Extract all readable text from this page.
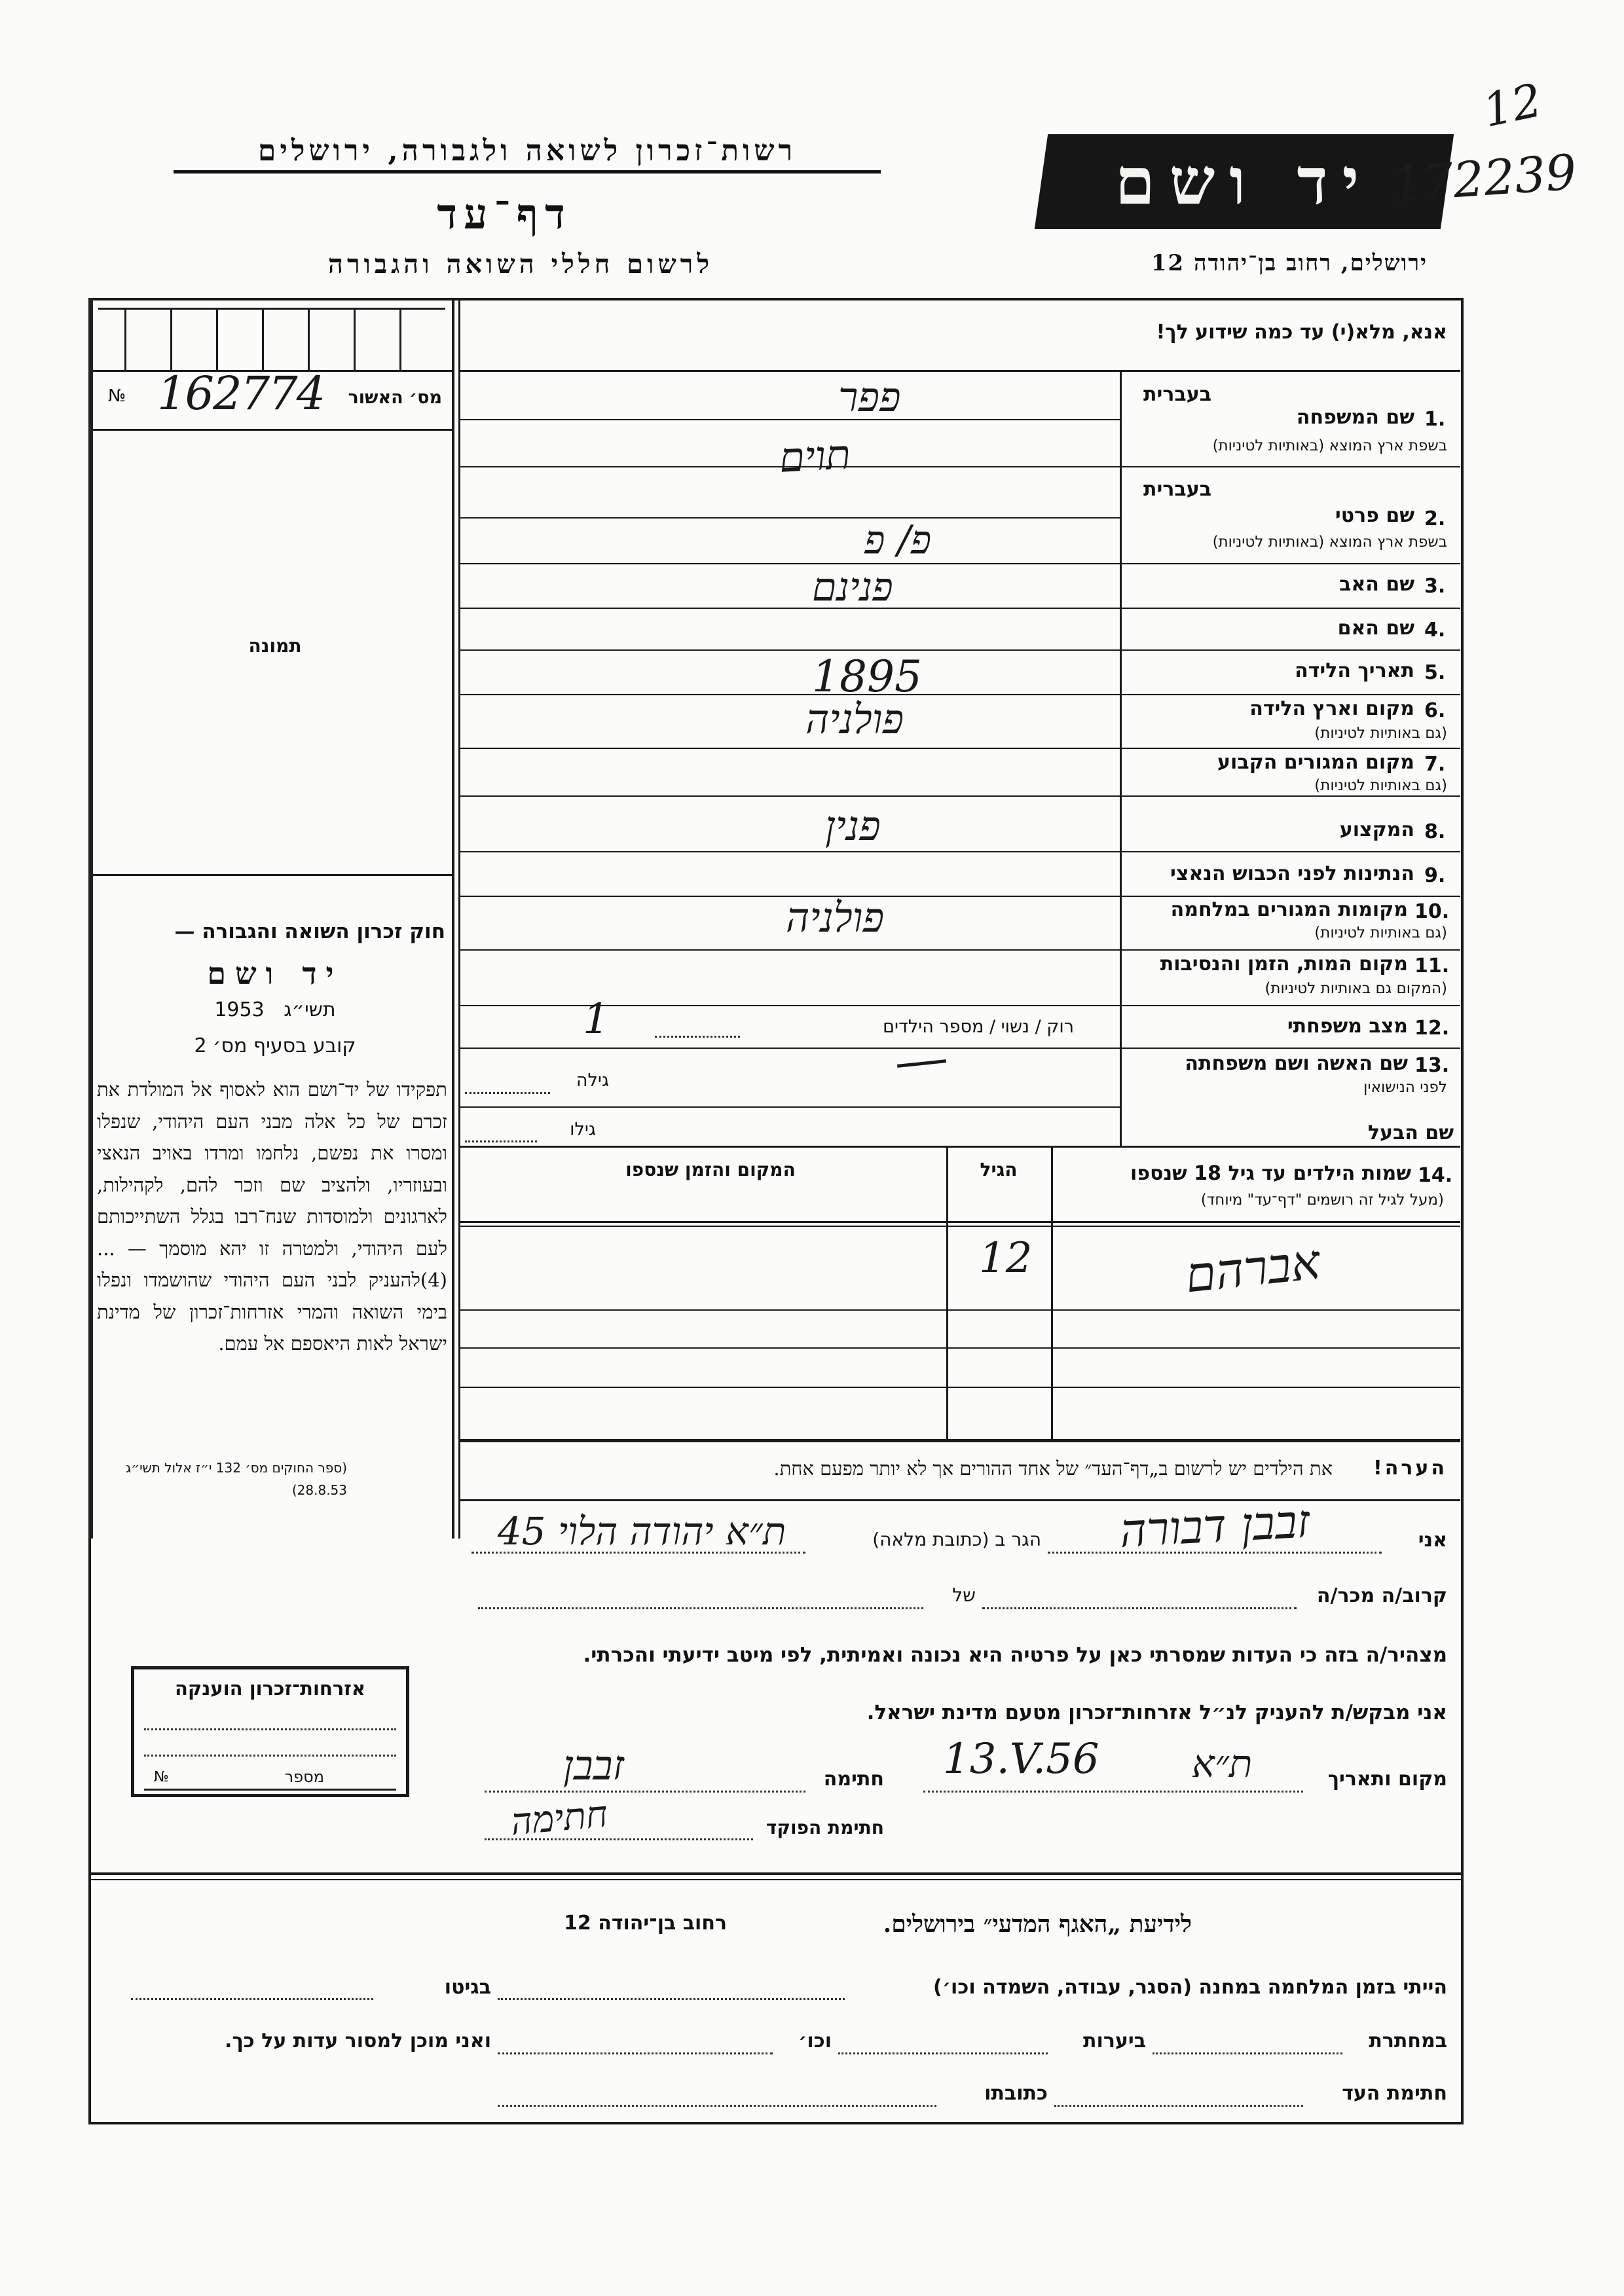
רשות־זכרון לשואה ולגבורה, ירושלים
דף־עד
לרשום חללי השואה והגבורה
יד ושם 172239
12
ירושלים, רחוב בן־יהודה 12
№ 162774 מס׳ האשור
תמונה
חוק זכרון השואה והגבורה —
יד ושם
1953 תשי״ג
קובע בסעיף מס׳ 2
תפקידו של יד־ושם הוא לאסוף אל המולדת את זכרם של כל אלה מבני העם היהודי, שנפלו ומסרו את נפשם, נלחמו ומרדו באויב הנאצי ובעוזריו, ולהציב שם וזכר להם, לקהילות, לארגונים ולמוסדות שנח־רבו בגלל השתייכותם לעם היהודי, ולמטרה זו יהא מוסמך — ...(4)להעניק לבני העם היהודי שהושמדו ונפלו בימי השואה והמרי אזרחות־זכרון של מדינת ישראל לאות היאספם אל עמם.
(ספר החוקים מס׳ 132 י״ז אלול תשי״ג 28.8.53)
אנא, מלא(י) עד כמה שידוע לך!
בעברית
1.
שם המשפחה
בשפת ארץ המוצא (באותיות לטיניות)
פפר
תוים
בעברית
2.
שם פרטי
בשפת ארץ המוצא (באותיות לטיניות)
פ/ פ
3.
שם האב
פנינם
4.
שם האם
5.
תאריך הלידה
1895
6.
מקום וארץ הלידה
(גם באותיות לטיניות)
פולניה
7.
מקום המגורים הקבוע
(גם באותיות לטיניות)
8.
המקצוע
פנין
9.
הנתינות לפני הכבוש הנאצי
10.
מקומות המגורים במלחמה
(גם באותיות לטיניות)
פולניה
11.
מקום המות, הזמן והנסיבות
(המקום גם באותיות לטיניות)
12.
מצב משפחתי
רוק / נשוי / מספר הילדים
1
13.
שם האשה ושם משפחתה
לפני הנישואין
גילה
שם הבעל
גילו
14.
שמות הילדים עד גיל 18 שנספו
(מעל לגיל זה רושמים "דף־עד" מיוחד)
הגיל
המקום והזמן שנספו
אברהם
12
הערה!
את הילדים יש לרשום ב„דף־העד״ של אחד ההורים אך לא יותר מפעם אחת.
אני
זבבן דבורה
הגר ב (כתובת מלאה)
ת״א יהודה הלוי 45
קרוב/ה מכר/ה
של
מצהיר/ה בזה כי העדות שמסרתי כאן על פרטיה היא נכונה ואמיתית, לפי מיטב ידיעתי והכרתי.
אני מבקש/ת להעניק לנ״ל אזרחות־זכרון מטעם מדינת ישראל.
אזרחות־זכרון הוענקה
מספר
№	מקום ותאריך
ת״א
13.V.56
חתימה
זבבן
חתימת הפוקד
חתימה
לידיעת „האגף המדעי״ בירושלים.
רחוב בן־יהודה 12
הייתי בזמן המלחמה במחנה (הסגר, עבודה, השמדה וכו׳)
בגיטו
במחתרת
ביערות
וכו׳
ואני מוכן למסור עדות על כך.
חתימת העד
כתובתו
